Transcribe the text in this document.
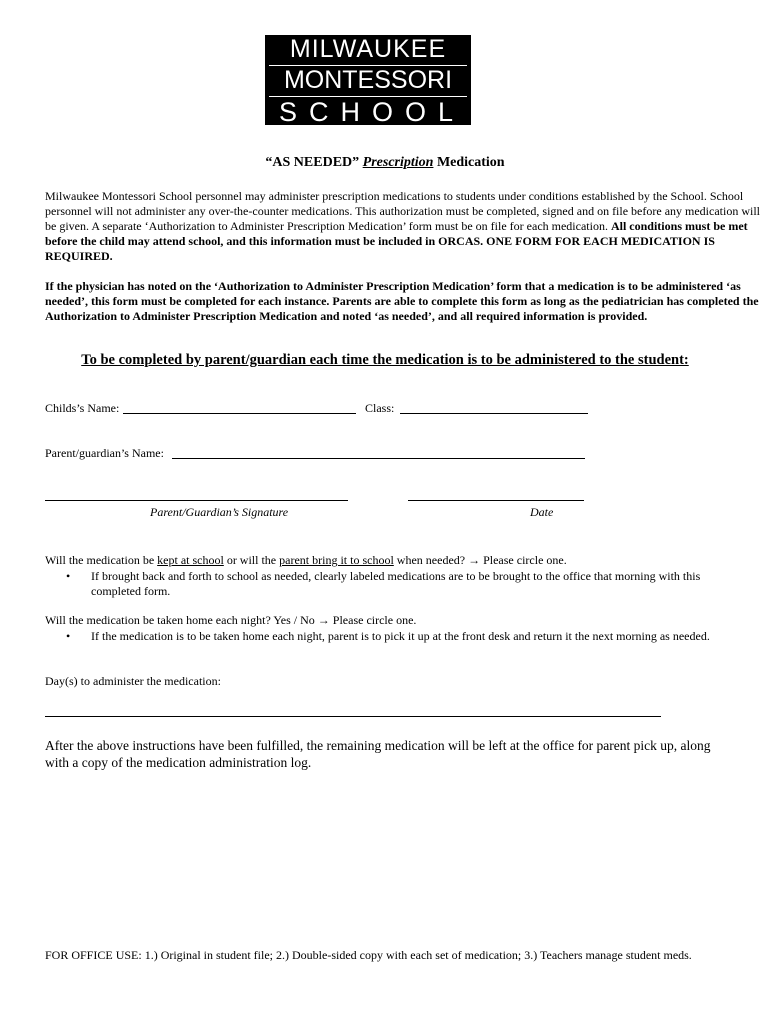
MILWAUKEE
MONTESSORI
SCHOOL
“AS NEEDED” Prescription Medication
Milwaukee Montessori School personnel may administer prescription medications to students under conditions established by the School. School personnel will not administer any over-the-counter medications. This authorization must be completed, signed and on file before any medication will be given. A separate ‘Authorization to Administer Prescription Medication’ form must be on file for each medication. All conditions must be met before the child may attend school, and this information must be included in ORCAS. ONE FORM FOR EACH MEDICATION IS REQUIRED.
If the physician has noted on the ‘Authorization to Administer Prescription Medication’ form that a medication is to be administered ‘as needed’, this form must be completed for each instance. Parents are able to complete this form as long as the pediatrician has completed the Authorization to Administer Prescription Medication and noted ‘as needed’, and all required information is provided.
To be completed by parent/guardian each time the medication is to be administered to the student:
Childs’s Name:	Class:
Parent/guardian’s Name:
Parent/Guardian’s Signature	Date
Will the medication be kept at school or will the parent bring it to school when needed? → Please circle one.
• If brought back and forth to school as needed, clearly labeled medications are to be brought to the office that morning with this completed form.
Will the medication be taken home each night? Yes / No → Please circle one.
• If the medication is to be taken home each night, parent is to pick it up at the front desk and return it the next morning as needed.
Day(s) to administer the medication:
After the above instructions have been fulfilled, the remaining medication will be left at the office for parent pick up, along with a copy of the medication administration log.
FOR OFFICE USE: 1.) Original in student file; 2.) Double-sided copy with each set of medication; 3.) Teachers manage student meds.
